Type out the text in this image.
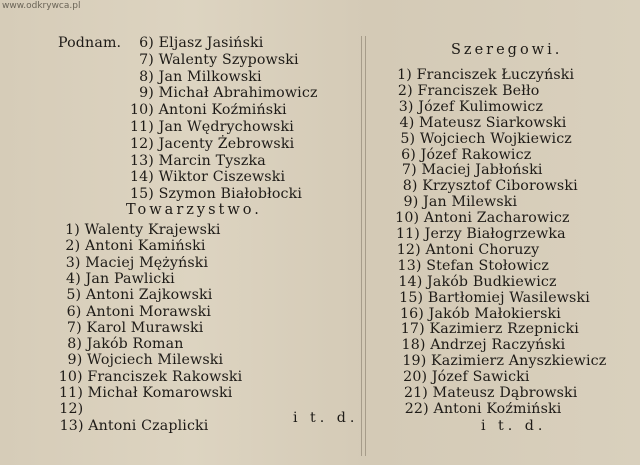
www.odkrywca.pl
Podnam.	6) Eljasz Jasiński
7) Walenty Szypowski
8) Jan Milkowski
9) Michał Abrahimowicz
10) Antoni Koźmiński
11) Jan Wędrychowski
12) Jacenty Żebrowski
13) Marcin Tyszka
14) Wiktor Ciszewski
15) Szymon Białobłocki
Towarzystwo.
1) Walenty Krajewski
2) Antoni Kamiński
3) Maciej Mężyński
4) Jan Pawlicki
5) Antoni Zajkowski
6) Antoni Morawski
7) Karol Murawski
8) Jakób Roman
9) Wojciech Milewski
10) Franciszek Rakowski
11) Michał Komarowski
12)
13) Antoni Czaplicki	i t. d.
Szeregowi.
1) Franciszek Łuczyński
2) Franciszek Bełło
3) Józef Kulimowicz
4) Mateusz Siarkowski
5) Wojciech Wojkiewicz
6) Józef Rakowicz
7) Maciej Jabłoński
8) Krzysztof Ciborowski
9) Jan Milewski
10) Antoni Zacharowicz
11) Jerzy Białogrzewka
12) Antoni Choruzy
13) Stefan Stołowicz
14) Jakób Budkiewicz
15) Bartłomiej Wasilewski
16) Jakób Małokierski
17) Kazimierz Rzepnicki
18) Andrzej Raczyński
19) Kazimierz Anyszkiewicz
20) Józef Sawicki
21) Mateusz Dąbrowski
22) Antoni Koźmiński
i t. d.
